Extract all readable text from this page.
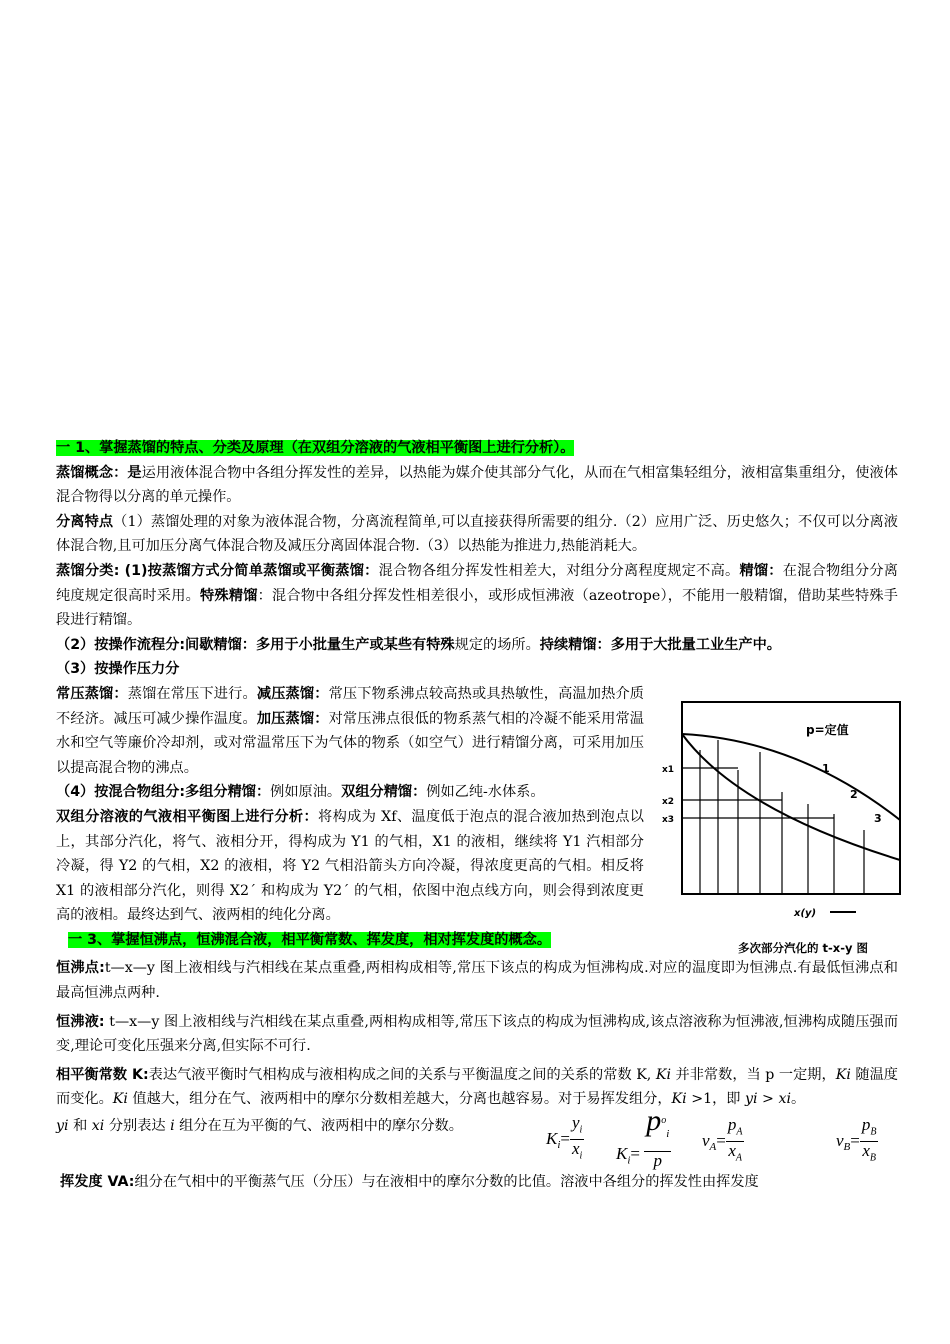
一 1、掌握蒸馏的特点、分类及原理（在双组分溶液的气液相平衡图上进行分析）。

蒸馏概念：是运用液体混合物中各组分挥发性的差异，以热能为媒介使其部分气化，从而在气相富集轻组分，液相富集重组分，使液体混合物得以分离的单元操作。

分离特点（1）蒸馏处理的对象为液体混合物，分离流程简单,可以直接获得所需要的组分.（2）应用广泛、历史悠久；不仅可以分离液体混合物,且可加压分离气体混合物及减压分离固体混合物.（3）以热能为推进力,热能消耗大。

蒸馏分类: (1)按蒸馏方式分简单蒸馏或平衡蒸馏：混合物各组分挥发性相差大，对组分分离程度规定不高。精馏：在混合物组分分离纯度规定很高时采用。特殊精馏：混合物中各组分挥发性相差很小，或形成恒沸液（azeotrope），不能用一般精馏，借助某些特殊手段进行精馏。

（2）按操作流程分:间歇精馏：多用于小批量生产或某些有特殊规定的场所。持续精馏：多用于大批量工业生产中。

（3）按操作压力分

常压蒸馏：蒸馏在常压下进行。减压蒸馏：常压下物系沸点较高热或具热敏性，高温加热介质不经济。减压可减少操作温度。加压蒸馏：对常压沸点很低的物系蒸气相的冷凝不能采用常温水和空气等廉价冷却剂，或对常温常压下为气体的物系（如空气）进行精馏分离，可采用加压以提高混合物的沸点。

（4）按混合物组分:多组分精馏：例如原油。双组分精馏：例如乙纯-水体系。

双组分溶液的气液相平衡图上进行分析：将构成为 Xf、温度低于泡点的混合液加热到泡点以上，其部分汽化，将气、液相分开，得构成为 Y1 的气相，X1 的液相，继续将 Y1 汽相部分冷凝，得 Y2 的气相，X2 的液相，将 Y2 气相沿箭头方向冷凝，得浓度更高的气相。相反将 X1 的液相部分汽化，则得 X2´ 和构成为 Y2´ 的气相，依图中泡点线方向，则会得到浓度更高的液相。最终达到气、液两相的纯化分离。

p=定值
1
2
3
x1
x2
x3
x(y)
多次部分汽化的 t-x-y 图

一 3、掌握恒沸点，恒沸混合液，相平衡常数、挥发度，相对挥发度的概念。

恒沸点:t—x—y 图上液相线与汽相线在某点重叠,两相构成相等,常压下该点的构成为恒沸构成.对应的温度即为恒沸点.有最低恒沸点和最高恒沸点两种.

恒沸液: t—x—y 图上液相线与汽相线在某点重叠,两相构成相等,常压下该点的构成为恒沸构成,该点溶液称为恒沸液,恒沸构成随压强而变,理论可变化压强来分离,但实际不可行.

相平衡常数 K:表达气液平衡时气相构成与液相构成之间的关系与平衡温度之间的关系的常数 K, Ki 并非常数，当 p 一定期，Ki 随温度而变化。Ki 值越大，组分在气、液两相中的摩尔分数相差越大，分离也越容易。对于易挥发组分，Ki >1，即 yi > xi。

yi 和 xi 分别表达 i 组分在互为平衡的气、液两相中的摩尔分数。
$K_i= \frac{y_i}{x_i} K_i= \frac{p^o_i}{p} v_A= \frac{p_A}{x_A}$	$v_B= \frac{p_B}{x_B}$

挥发度 VA:组分在气相中的平衡蒸气压（分压）与在液相中的摩尔分数的比值。溶液中各组分的挥发性由挥发度
